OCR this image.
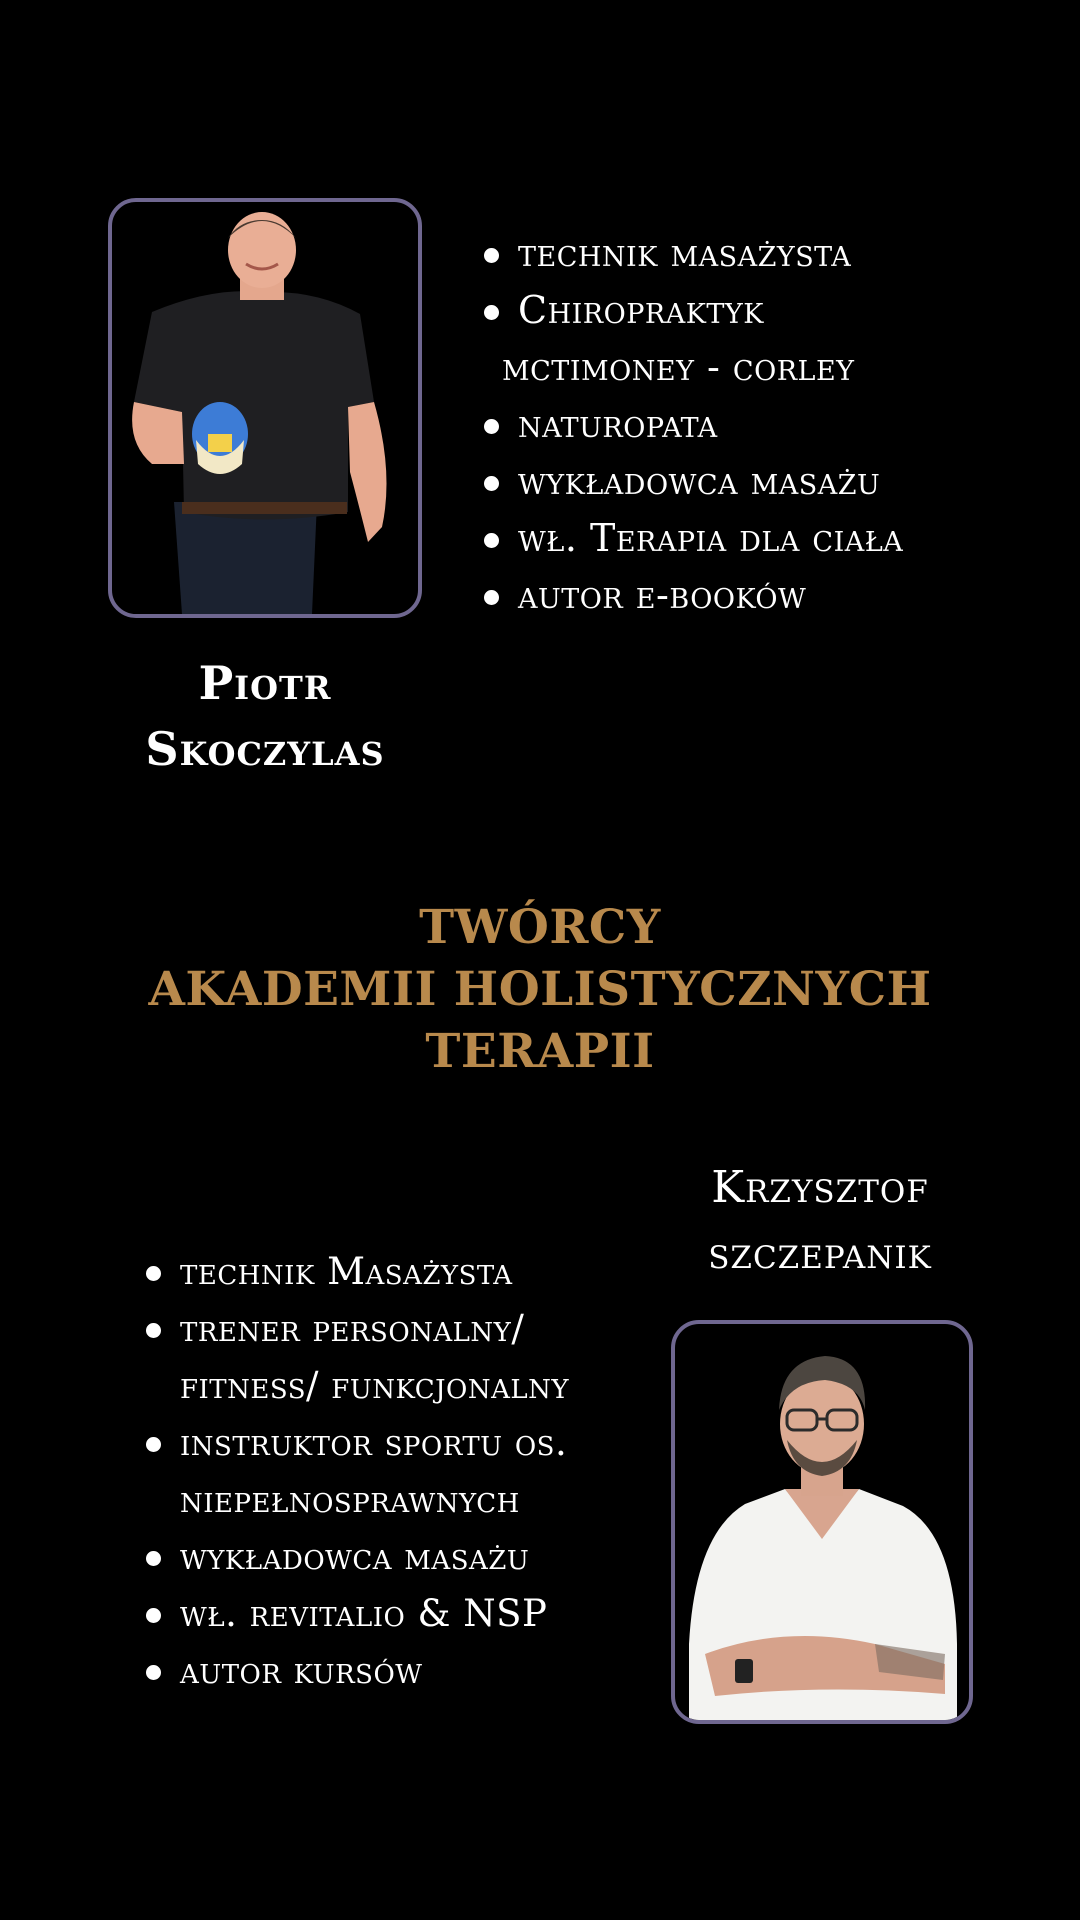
Piotr
Skoczylas
technik masażysta
Chiropraktyk
mctimoney - corley
naturopata
wykładowca masażu
wł. Terapia dla ciała
autor e-booków
TWÓRCY
AKADEMII HOLISTYCZNYCH TERAPII
Krzysztof
szczepanik
technik Masażysta
trener personalny/
fitness/ funkcjonalny
instruktor sportu os.
niepełnosprawnych
wykładowca masażu
wł. revitalio & NSP
autor kursów
